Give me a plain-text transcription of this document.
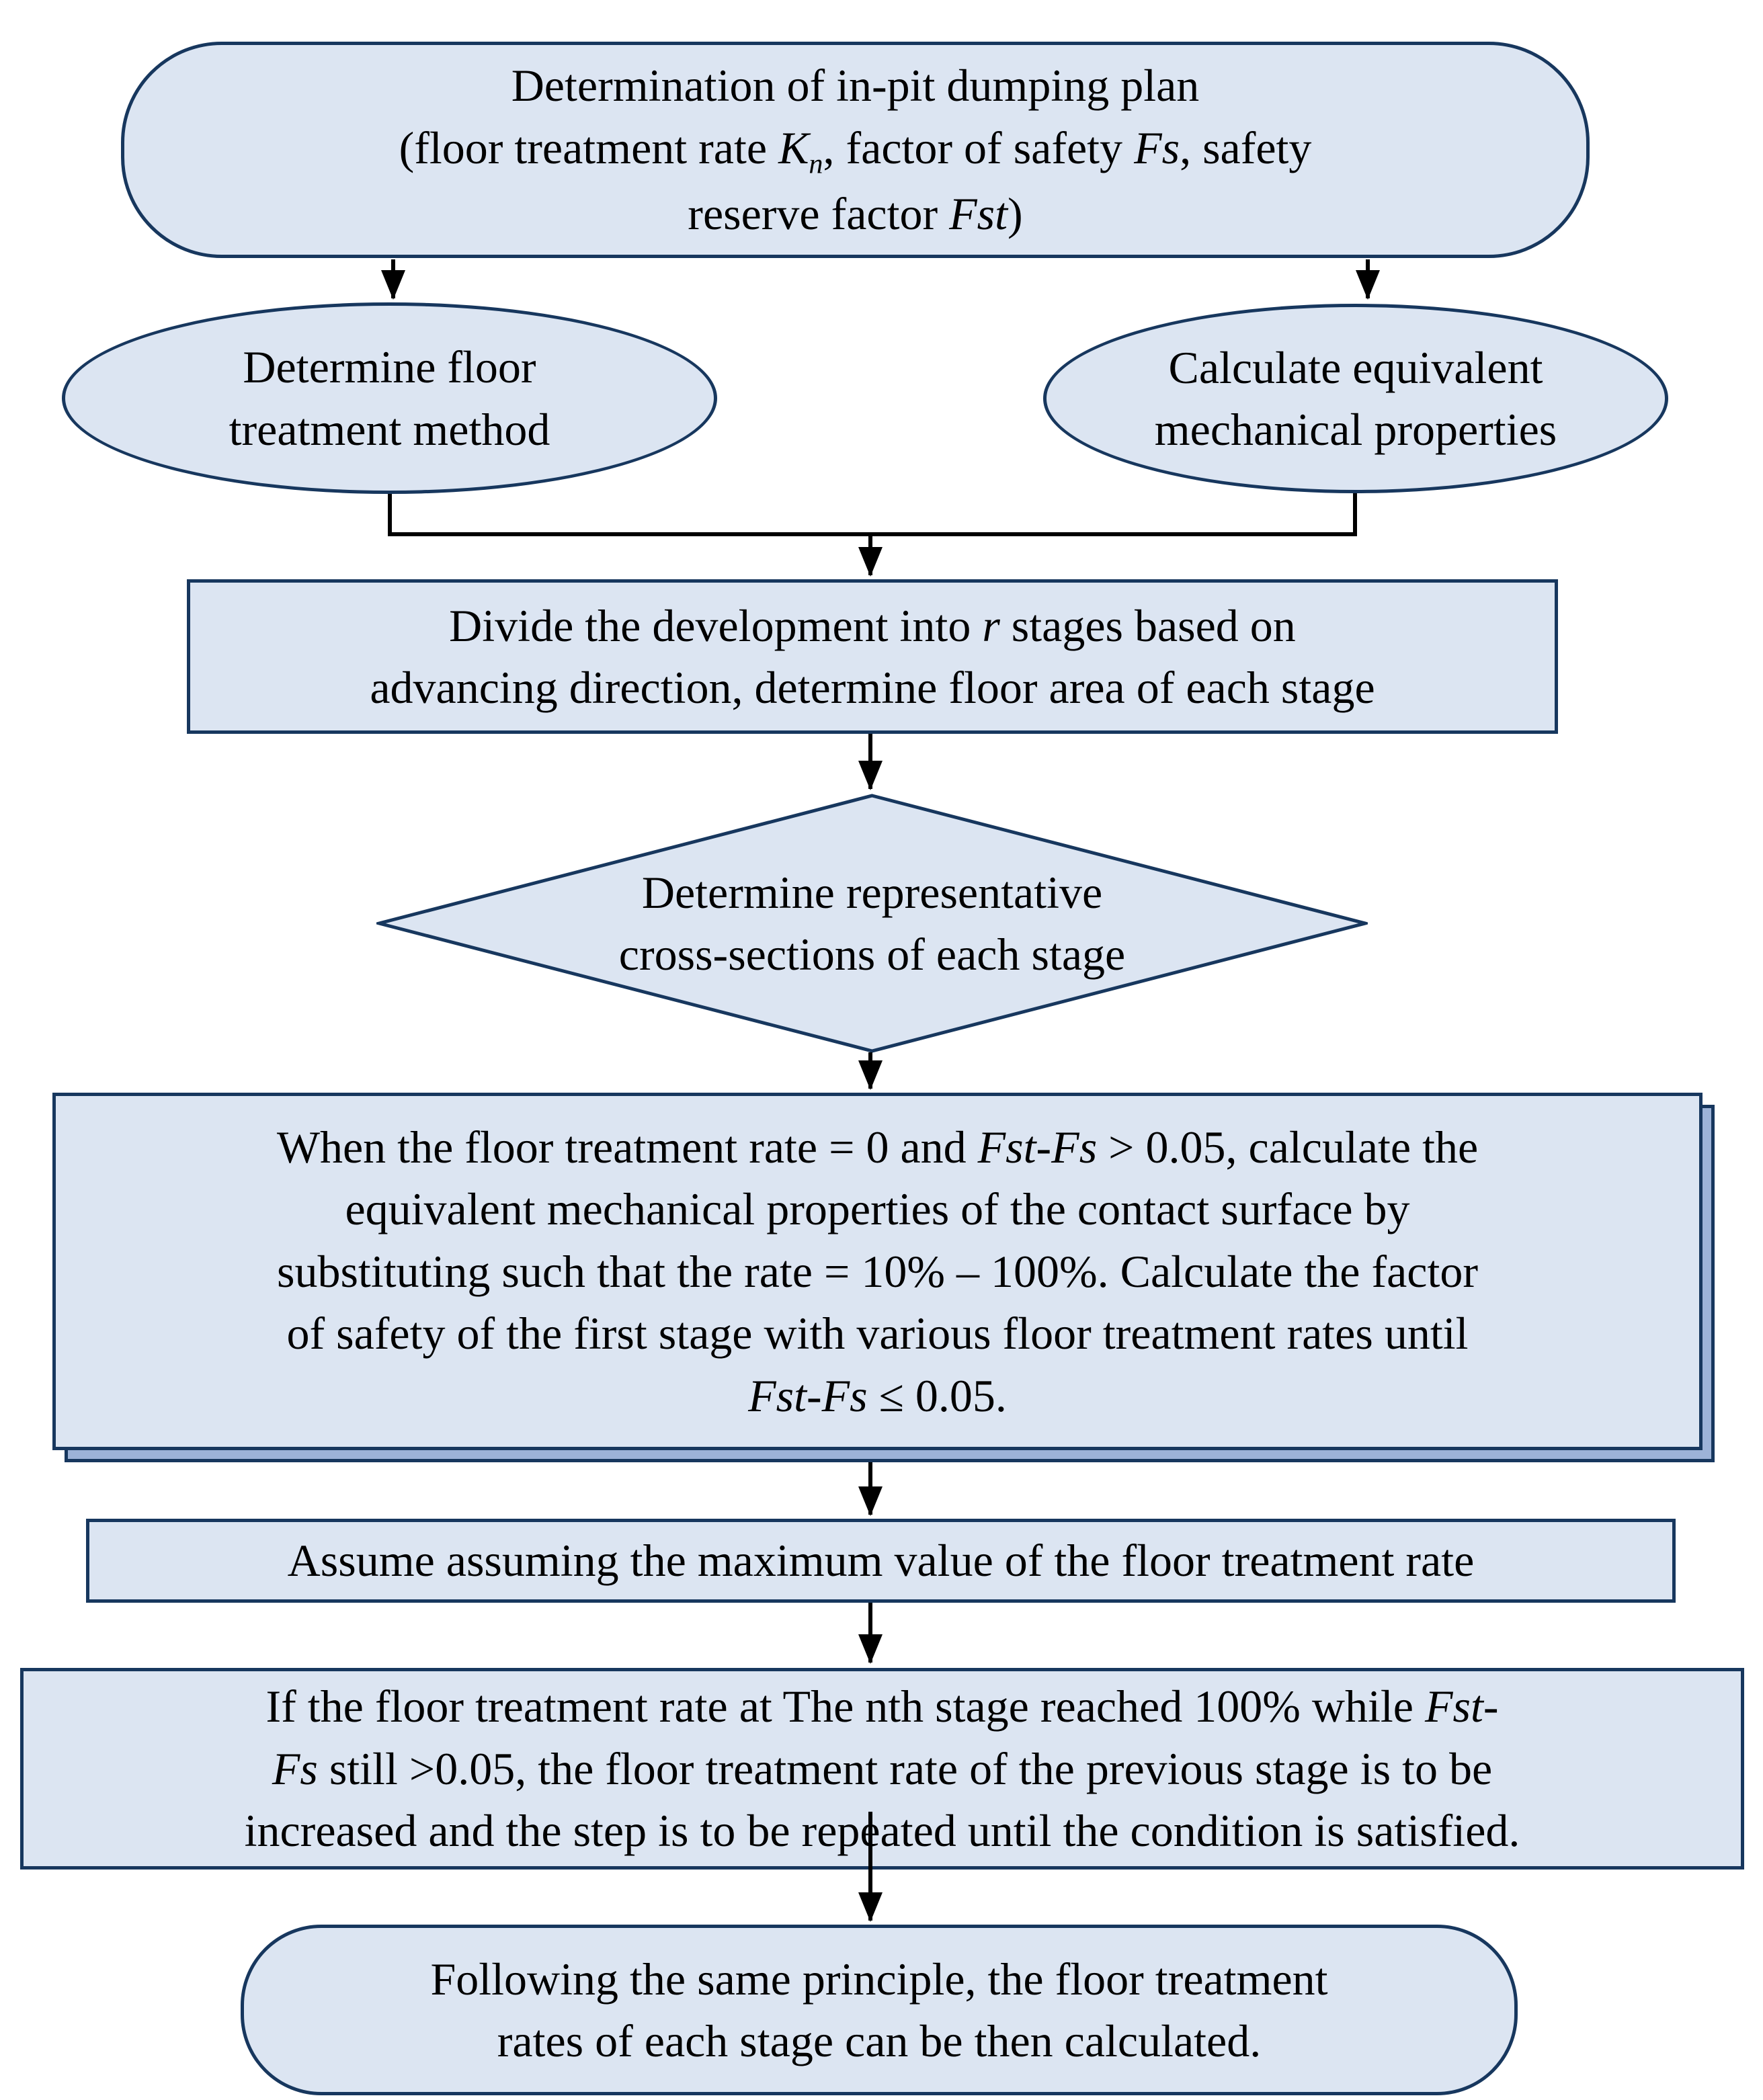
Determination of in-pit dumping plan
(floor treatment rate $K_n$, factor of safety Fs, safety
reserve factor Fst)
Determine floor
treatment method
Calculate equivalent
mechanical properties
Divide the development into r stages based on
advancing direction, determine floor area of each stage
Determine representative
cross-sections of each stage
When the floor treatment rate = 0 and Fst-Fs > 0.05, calculate the
equivalent mechanical properties of the contact surface by
substituting such that the rate = 10% – 100%. Calculate the factor
of safety of the first stage with various floor treatment rates until
Fst-Fs ≤ 0.05.
Assume assuming the maximum value of the floor treatment rate
If the floor treatment rate at The nth stage reached 100% while Fst-
Fs still >0.05, the floor treatment rate of the previous stage is to be
increased and the step is to be repeated until the condition is satisfied.
Following the same principle, the floor treatment
rates of each stage can be then calculated.
